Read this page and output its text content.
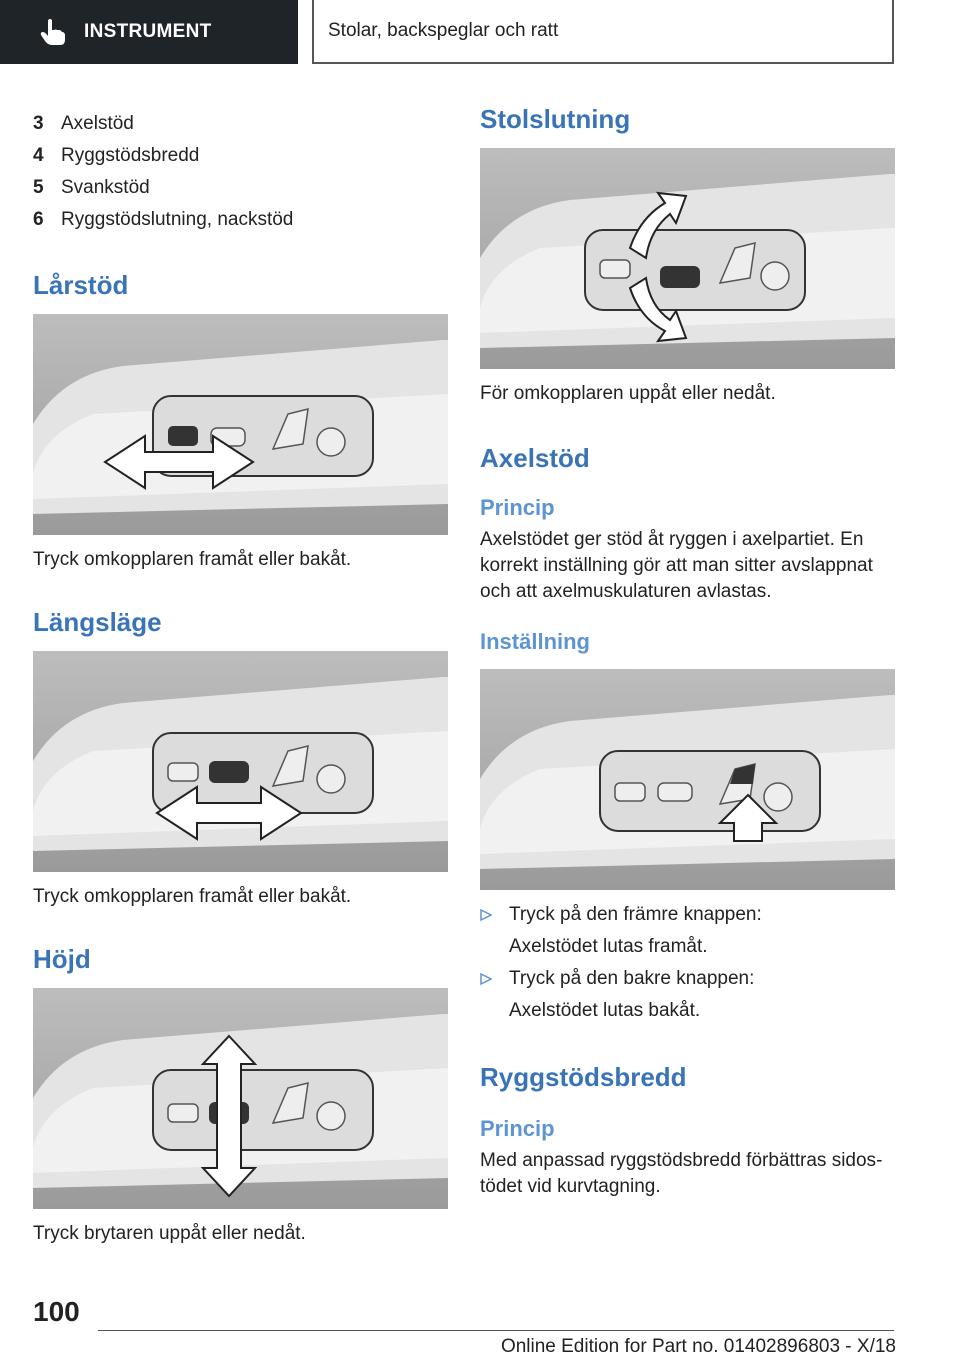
INSTRUMENT	Stolar, backspeglar och ratt
3 Axelstöd
4 Ryggstödsbredd
5 Svankstöd
6 Ryggstödslutning, nackstöd
Lårstöd

Tryck omkopplaren framåt eller bakåt.

Längsläge

Tryck omkopplaren framåt eller bakåt.

Höjd

Tryck brytaren uppåt eller nedåt.

Stolslutning

För omkopplaren uppåt eller nedåt.

Axelstöd
Princip

Axelstödet ger stöd åt ryggen i axelpartiet. En korrekt inställning gör att man sitter avslappnat och att axelmuskulaturen avlastas.

Inställning
Tryck på den främre knappen:
Axelstödet lutas framåt.
Tryck på den bakre knappen:
Axelstödet lutas bakåt.
Ryggstödsbredd
Princip

Med anpassad ryggstödsbredd förbättras sidostödet vid kurvtagning.

100
Online Edition for Part no. 01402896803 - X/18
